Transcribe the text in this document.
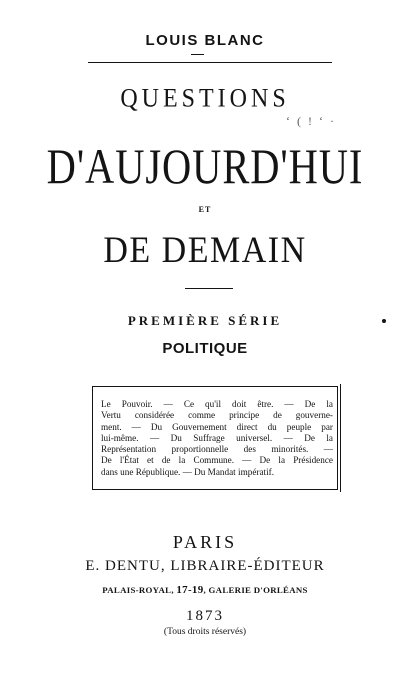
LOUIS BLANC
QUESTIONS
‘ ( ! ‘ ·
D'AUJOURD'HUI
ET
DE DEMAIN
PREMIÈRE SÉRIE
POLITIQUE
Le Pouvoir. — Ce qu'il doit être. — De la
Vertu considérée comme principe de gouverne-
ment. — Du Gouvernement direct du peuple par
lui-même. — Du Suffrage universel. — De la
Représentation proportionnelle des minorités. —
De l'État et de la Commune. — De la Présidence
dans une République. — Du Mandat impératif.
PARIS
E. DENTU, LIBRAIRE-ÉDITEUR
PALAIS-ROYAL, 17-19, GALERIE D'ORLÉANS
1873
(Tous droits réservés)
